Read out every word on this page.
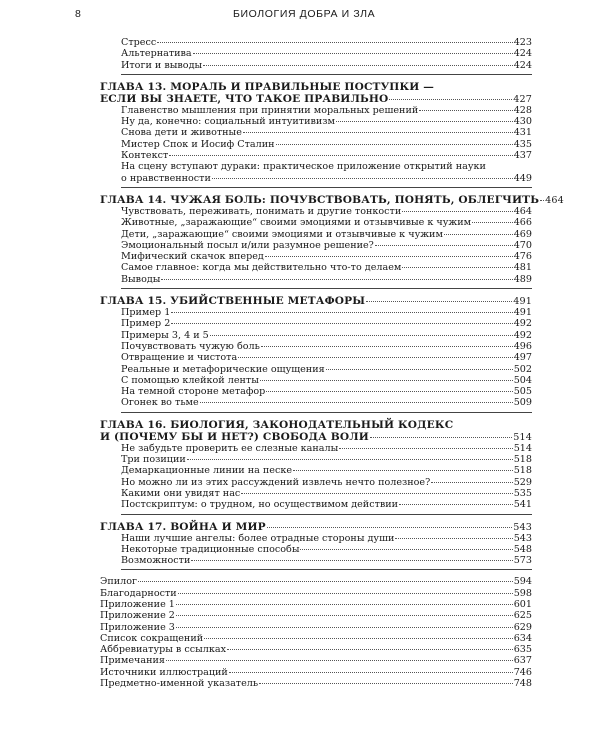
8	БИОЛОГИЯ ДОБРА И ЗЛА
Стресс	423
Альтернатива	424
Итоги и выводы	424
ГЛАВА 13. МОРАЛЬ И ПРАВИЛЬНЫЕ ПОСТУПКИ —
ЕСЛИ ВЫ ЗНАЕТЕ, ЧТО ТАКОЕ ПРАВИЛЬНО	427
Главенство мышления при принятии моральных решений	428
Ну да, конечно: социальный интуитивизм	430
Снова дети и животные	431
Мистер Спок и Иосиф Сталин	435
Контекст	437
На сцену вступают дураки: практическое приложение открытий науки
о нравственности	449
ГЛАВА 14. ЧУЖАЯ БОЛЬ: ПОЧУВСТВОВАТЬ, ПОНЯТЬ, ОБЛЕГЧИТЬ 464
Чувствовать, переживать, понимать и другие тонкости	464
Животные, „заражающие“ своими эмоциями и отзывчивые к чужим	466
Дети, „заражающие“ своими эмоциями и отзывчивые к чужим	469
Эмоциональный посыл и/или разумное решение?	470
Мифический скачок вперед	476
Самое главное: когда мы действительно что-то делаем	481
Выводы	489
ГЛАВА 15. УБИЙСТВЕННЫЕ МЕТАФОРЫ	491
Пример 1	491
Пример 2	492
Примеры 3, 4 и 5	492
Почувствовать чужую боль	496
Отвращение и чистота	497
Реальные и метафорические ощущения	502
С помощью клейкой ленты	504
На темной стороне метафор	505
Огонек во тьме	509
ГЛАВА 16. БИОЛОГИЯ, ЗАКОНОДАТЕЛЬНЫЙ КОДЕКС
И (ПОЧЕМУ БЫ И НЕТ?) СВОБОДА ВОЛИ	514
Не забудьте проверить ее слезные каналы	514
Три позиции	518
Демаркационные линии на песке	518
Но можно ли из этих рассуждений извлечь нечто полезное?	529
Какими они увидят нас	535
Постскриптум: о трудном, но осуществимом действии	541
ГЛАВА 17. ВОЙНА И МИР	543
Наши лучшие ангелы: более отрадные стороны души	543
Некоторые традиционные способы	548
Возможности	573
Эпилог	594
Благодарности	598
Приложение 1	601
Приложение 2	625
Приложение 3	629
Список сокращений	634
Аббревиатуры в ссылках	635
Примечания	637
Источники иллюстраций	746
Предметно-именной указатель	748
